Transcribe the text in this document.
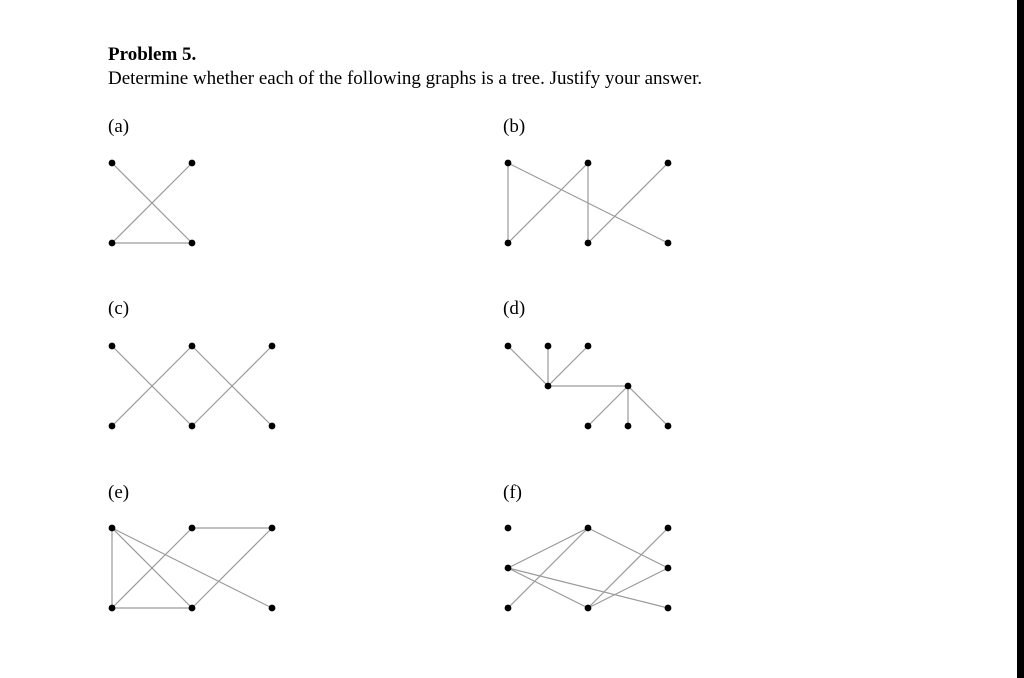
Problem 5.
Determine whether each of the following graphs is a tree. Justify your answer.
(a)	(b)
(c)	(d)
(e)	(f)
